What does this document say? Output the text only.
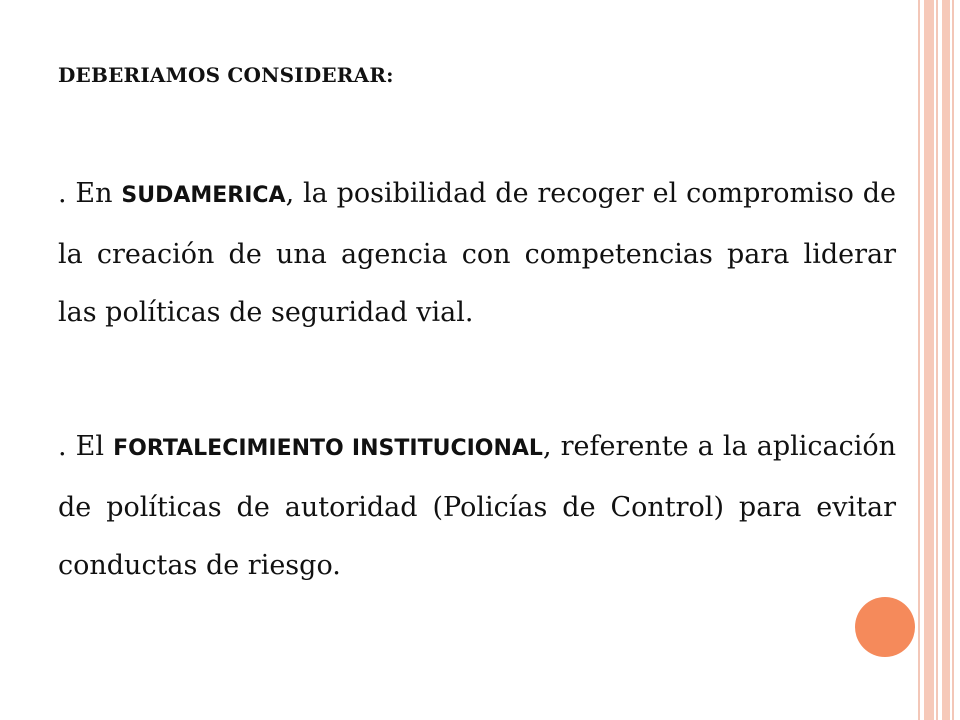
DEBERIAMOS CONSIDERAR:
. En SUDAMERICA, la posibilidad de recoger el compromiso de la creación de una agencia con competencias para liderar las políticas de seguridad vial.
. El FORTALECIMIENTO INSTITUCIONAL, referente a la aplicación de políticas de autoridad (Policías de Control) para evitar conductas de riesgo.
